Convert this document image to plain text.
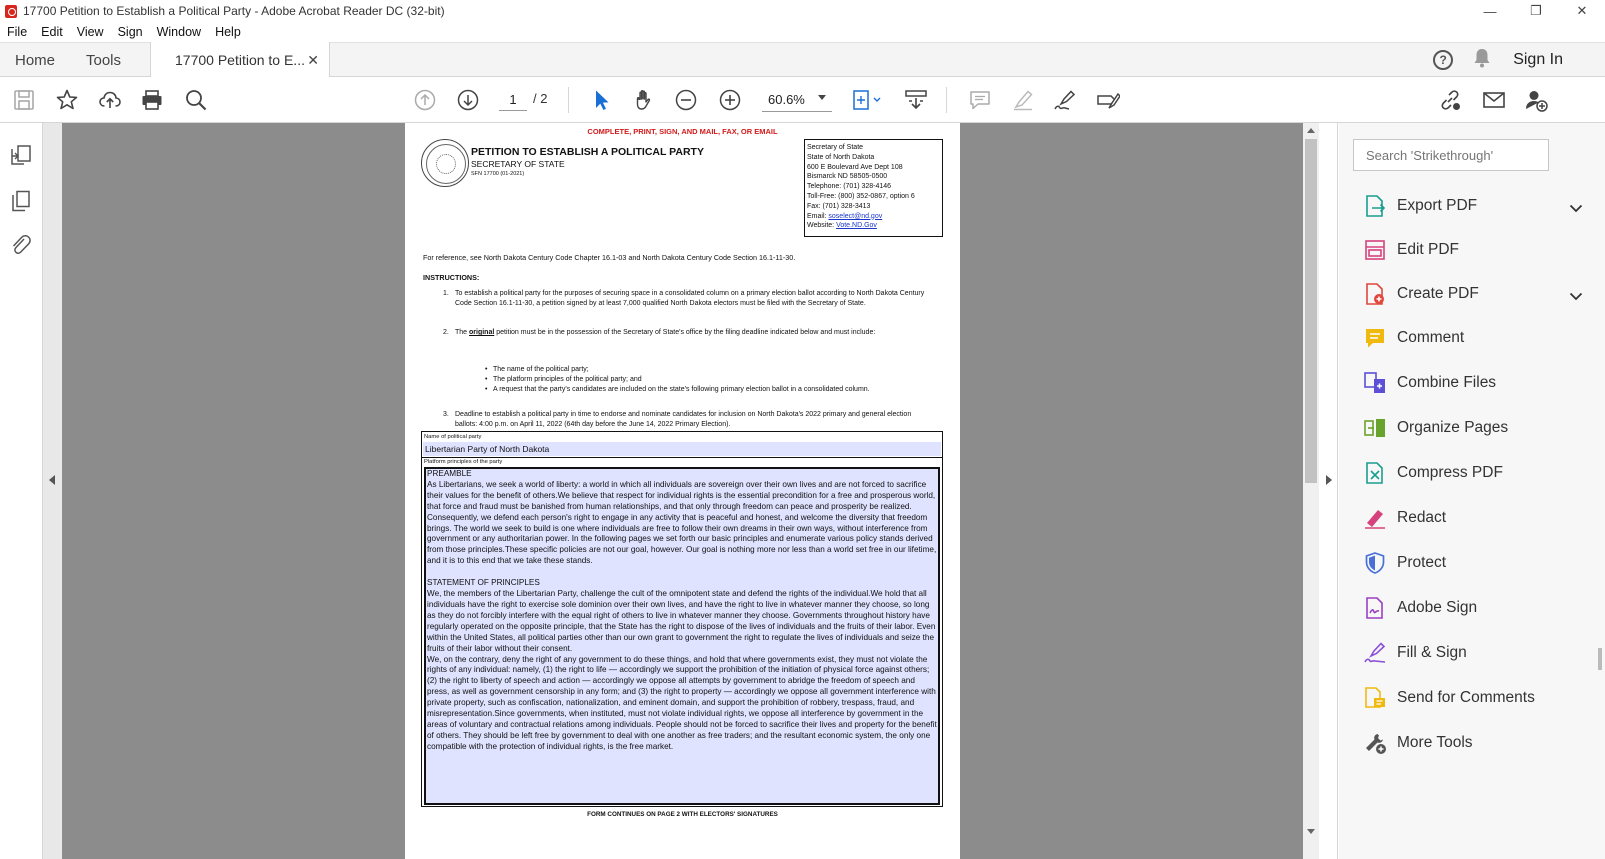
17700 Petition to Establish a Political Party - Adobe Acrobat Reader DC (32-bit)	—	❐	✕
File	Edit	View	Sign	Window	Help
Home Tools	17700 Petition to E... ✕	?	Sign In
1	/ 2	60.6%
COMPLETE, PRINT, SIGN, AND MAIL, FAX, OR EMAIL
PETITION TO ESTABLISH A POLITICAL PARTY
SECRETARY OF STATE
SFN 17700 (01-2021)
Secretary of State
State of North Dakota
600 E Boulevard Ave Dept 108
Bismarck ND 58505-0500
Telephone: (701) 328-4146
Toll-Free: (800) 352-0867, option 6
Fax: (701) 328-3413
Email: soselect@nd.gov
Website: Vote.ND.Gov
For reference, see North Dakota Century Code Chapter 16.1-03 and North Dakota Century Code Section 16.1-11-30.
INSTRUCTIONS:
1. To establish a political party for the purposes of securing space in a consolidated column on a primary election ballot according to North Dakota Century Code Section 16.1-11-30, a petition signed by at least 7,000 qualified North Dakota electors must be filed with the Secretary of State.
2. The original petition must be in the possession of the Secretary of State's office by the filing deadline indicated below and must include:
• The name of the political party;
• The platform principles of the political party; and
• A request that the party's candidates are included on the state's following primary election ballot in a consolidated column.
3. Deadline to establish a political party in time to endorse and nominate candidates for inclusion on North Dakota's 2022 primary and general election ballots: 4:00 p.m. on April 11, 2022 (64th day before the June 14, 2022 Primary Election).
Name of political party
Libertarian Party of North Dakota
Platform principles of the party

PREAMBLE

As Libertarians, we seek a world of liberty: a world in which all individuals are sovereign over their own lives and are not forced to sacrifice their values for the benefit of others.We believe that respect for individual rights is the essential precondition for a free and prosperous world, that force and fraud must be banished from human relationships, and that only through freedom can peace and prosperity be realized. Consequently, we defend each person's right to engage in any activity that is peaceful and honest, and welcome the diversity that freedom brings. The world we seek to build is one where individuals are free to follow their own dreams in their own ways, without interference from government or any authoritarian power. In the following pages we set forth our basic principles and enumerate various policy stands derived from those principles.These specific policies are not our goal, however. Our goal is nothing more nor less than a world set free in our lifetime, and it is to this end that we take these stands.

STATEMENT OF PRINCIPLES

We, the members of the Libertarian Party, challenge the cult of the omnipotent state and defend the rights of the individual.We hold that all individuals have the right to exercise sole dominion over their own lives, and have the right to live in whatever manner they choose, so long as they do not forcibly interfere with the equal right of others to live in whatever manner they choose. Governments throughout history have regularly operated on the opposite principle, that the State has the right to dispose of the lives of individuals and the fruits of their labor. Even within the United States, all political parties other than our own grant to government the right to regulate the lives of individuals and seize the fruits of their labor without their consent.

We, on the contrary, deny the right of any government to do these things, and hold that where governments exist, they must not violate the rights of any individual: namely, (1) the right to life — accordingly we support the prohibition of the initiation of physical force against others; (2) the right to liberty of speech and action — accordingly we oppose all attempts by government to abridge the freedom of speech and press, as well as government censorship in any form; and (3) the right to property — accordingly we oppose all government interference with private property, such as confiscation, nationalization, and eminent domain, and support the prohibition of robbery, trespass, fraud, and misrepresentation.Since governments, when instituted, must not violate individual rights, we oppose all interference by government in the areas of voluntary and contractual relations among individuals. People should not be forced to sacrifice their lives and property for the benefit of others. They should be left free by government to deal with one another as free traders; and the resultant economic system, the only one compatible with the protection of individual rights, is the free market.

FORM CONTINUES ON PAGE 2 WITH ELECTORS' SIGNATURES
Search 'Strikethrough'
Export PDF
Edit PDF
Create PDF
Comment
Combine Files
Organize Pages
Compress PDF
Redact
Protect
Adobe Sign
Fill & Sign
Send for Comments
More Tools
